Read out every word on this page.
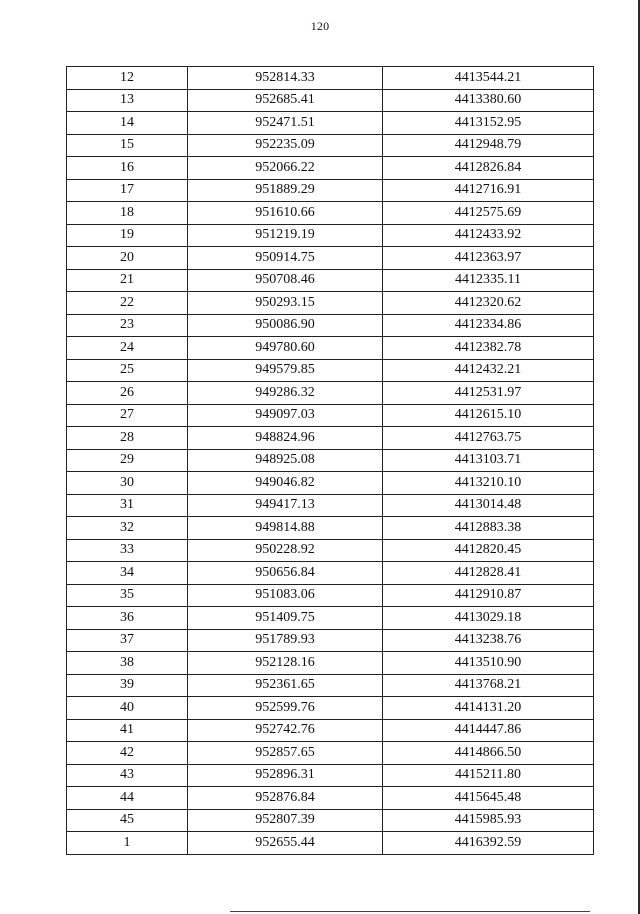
120
12	952814.33	4413544.21
13	952685.41	4413380.60
14	952471.51	4413152.95
15	952235.09	4412948.79
16	952066.22	4412826.84
17	951889.29	4412716.91
18	951610.66	4412575.69
19	951219.19	4412433.92
20	950914.75	4412363.97
21	950708.46	4412335.11
22	950293.15	4412320.62
23	950086.90	4412334.86
24	949780.60	4412382.78
25	949579.85	4412432.21
26	949286.32	4412531.97
27	949097.03	4412615.10
28	948824.96	4412763.75
29	948925.08	4413103.71
30	949046.82	4413210.10
31	949417.13	4413014.48
32	949814.88	4412883.38
33	950228.92	4412820.45
34	950656.84	4412828.41
35	951083.06	4412910.87
36	951409.75	4413029.18
37	951789.93	4413238.76
38	952128.16	4413510.90
39	952361.65	4413768.21
40	952599.76	4414131.20
41	952742.76	4414447.86
42	952857.65	4414866.50
43	952896.31	4415211.80
44	952876.84	4415645.48
45	952807.39	4415985.93
1	952655.44	4416392.59
